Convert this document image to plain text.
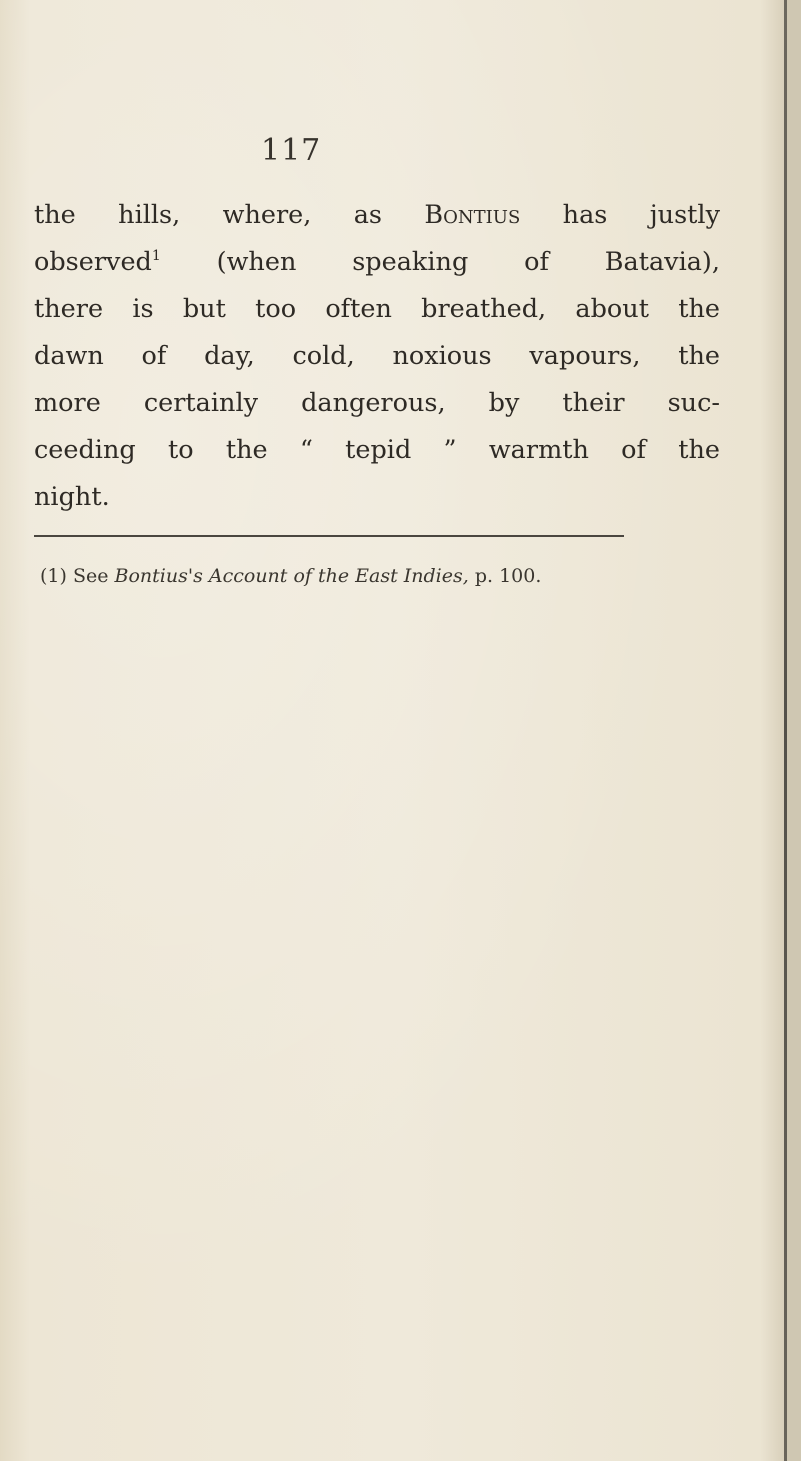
117
the hills, where, as Bontius has justly
observed$^1$ (when speaking of Batavia),
there is but too often breathed, about the
dawn of day, cold, noxious vapours, the
more certainly dangerous, by their suc-
ceeding to the “ tepid ” warmth of the
night.
(1) See Bontius's Account of the East Indies, p. 100.
